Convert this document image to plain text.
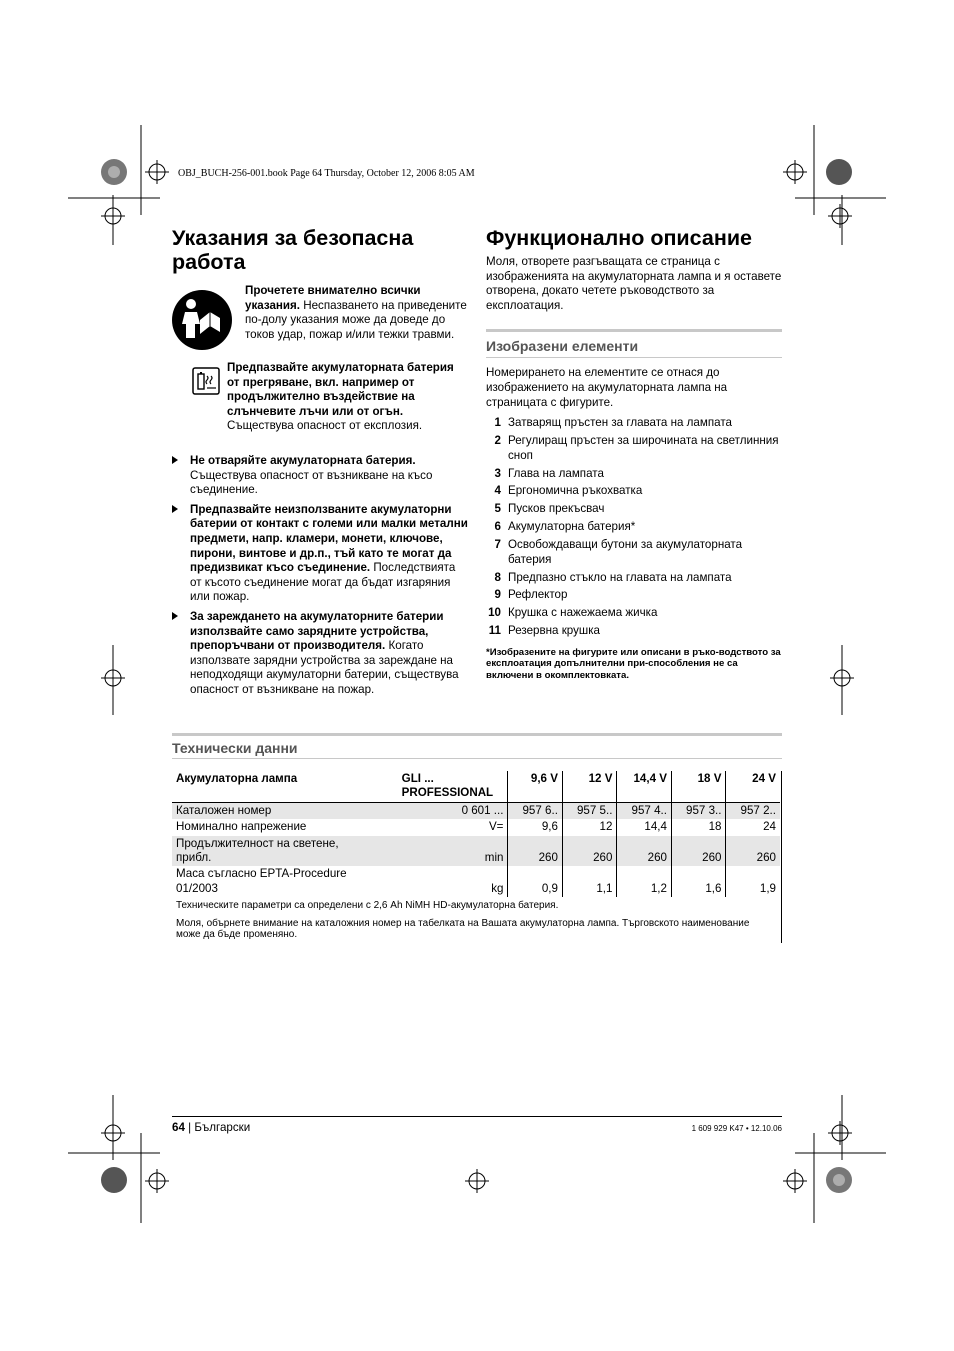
OBJ_BUCH-256-001.book Page 64 Thursday, October 12, 2006 8:05 AM
Указания за безопасна
работа
Прочетете внимателно всички указания. Неспазването на приведените по-долу указания може да доведе до токов удар, пожар и/или тежки травми.
Предпазвайте акумулаторната батерия от прегряване, вкл. например от продължително въздействие на слънчевите лъчи или от огън. Съществува опасност от експлозия.
Не отваряйте акумулаторната батерия. Съществува опасност от възникване на късо съединение.
Предпазвайте неизползваните акумулаторни батерии от контакт с големи или малки метални предмети, напр. кламери, монети, ключове, пирони, винтове и др.п., тъй като те могат да предизвикат късо съединение. Последствията от късото съединение могат да бъдат изгаряния или пожар.
За зареждането на акумулаторните батерии използвайте само зарядните устройства, препоръчвани от производителя. Когато използвате зарядни устройства за зареждане на неподходящи акумулаторни батерии, съществува опасност от възникване на пожар.
Функционално описание
Моля, отворете разгъващата се страница с изображенията на акумулаторната лампа и я оставете отворена, докато четете ръководството за експлоатация.
Изобразени елементи
Номерирането на елементите се отнася до изображението на акумулаторната лампа на страницата с фигурите.
1 Затварящ пръстен за главата на лампата
2 Регулиращ пръстен за широчината на светлинния сноп
3 Глава на лампата
4 Ергономична ръкохватка
5 Пусков прекъсвач
6 Акумулаторна батерия*
7 Освобождаващи бутони за акумулаторната батерия
8 Предпазно стъкло на главата на лампата
9 Рефлектор
10 Крушка с нажежаема жичка
11 Резервна крушка
*Изобразените на фигурите или описани в ръко-водството за експлоатация допълнителни при-способления не са включени в окомплектовката.
Технически данни
Акумулаторна лампа	GLI ...
PROFESSIONAL	9,6 V	12 V	14,4 V	18 V	24 V
Каталожен номер	0 601 ...	957 6..	957 5..	957 4..	957 3..	957 2..
Номинално напрежение	V=	9,6	12	14,4	18	24
Продължителност на светене,
прибл.	min	260	260	260	260	260
Маса съгласно EPTA-Procedure
01/2003	kg	0,9	1,1	1,2	1,6	1,9
Техническите параметри са определени с 2,6 Ah NiMH HD-акумулаторна батерия.
Моля, обърнете внимание на каталожния номер на табелката на Вашата акумулаторна лампа. Търговското наименование може да бъде променяно.
64 | Български	1 609 929 K47 • 12.10.06
